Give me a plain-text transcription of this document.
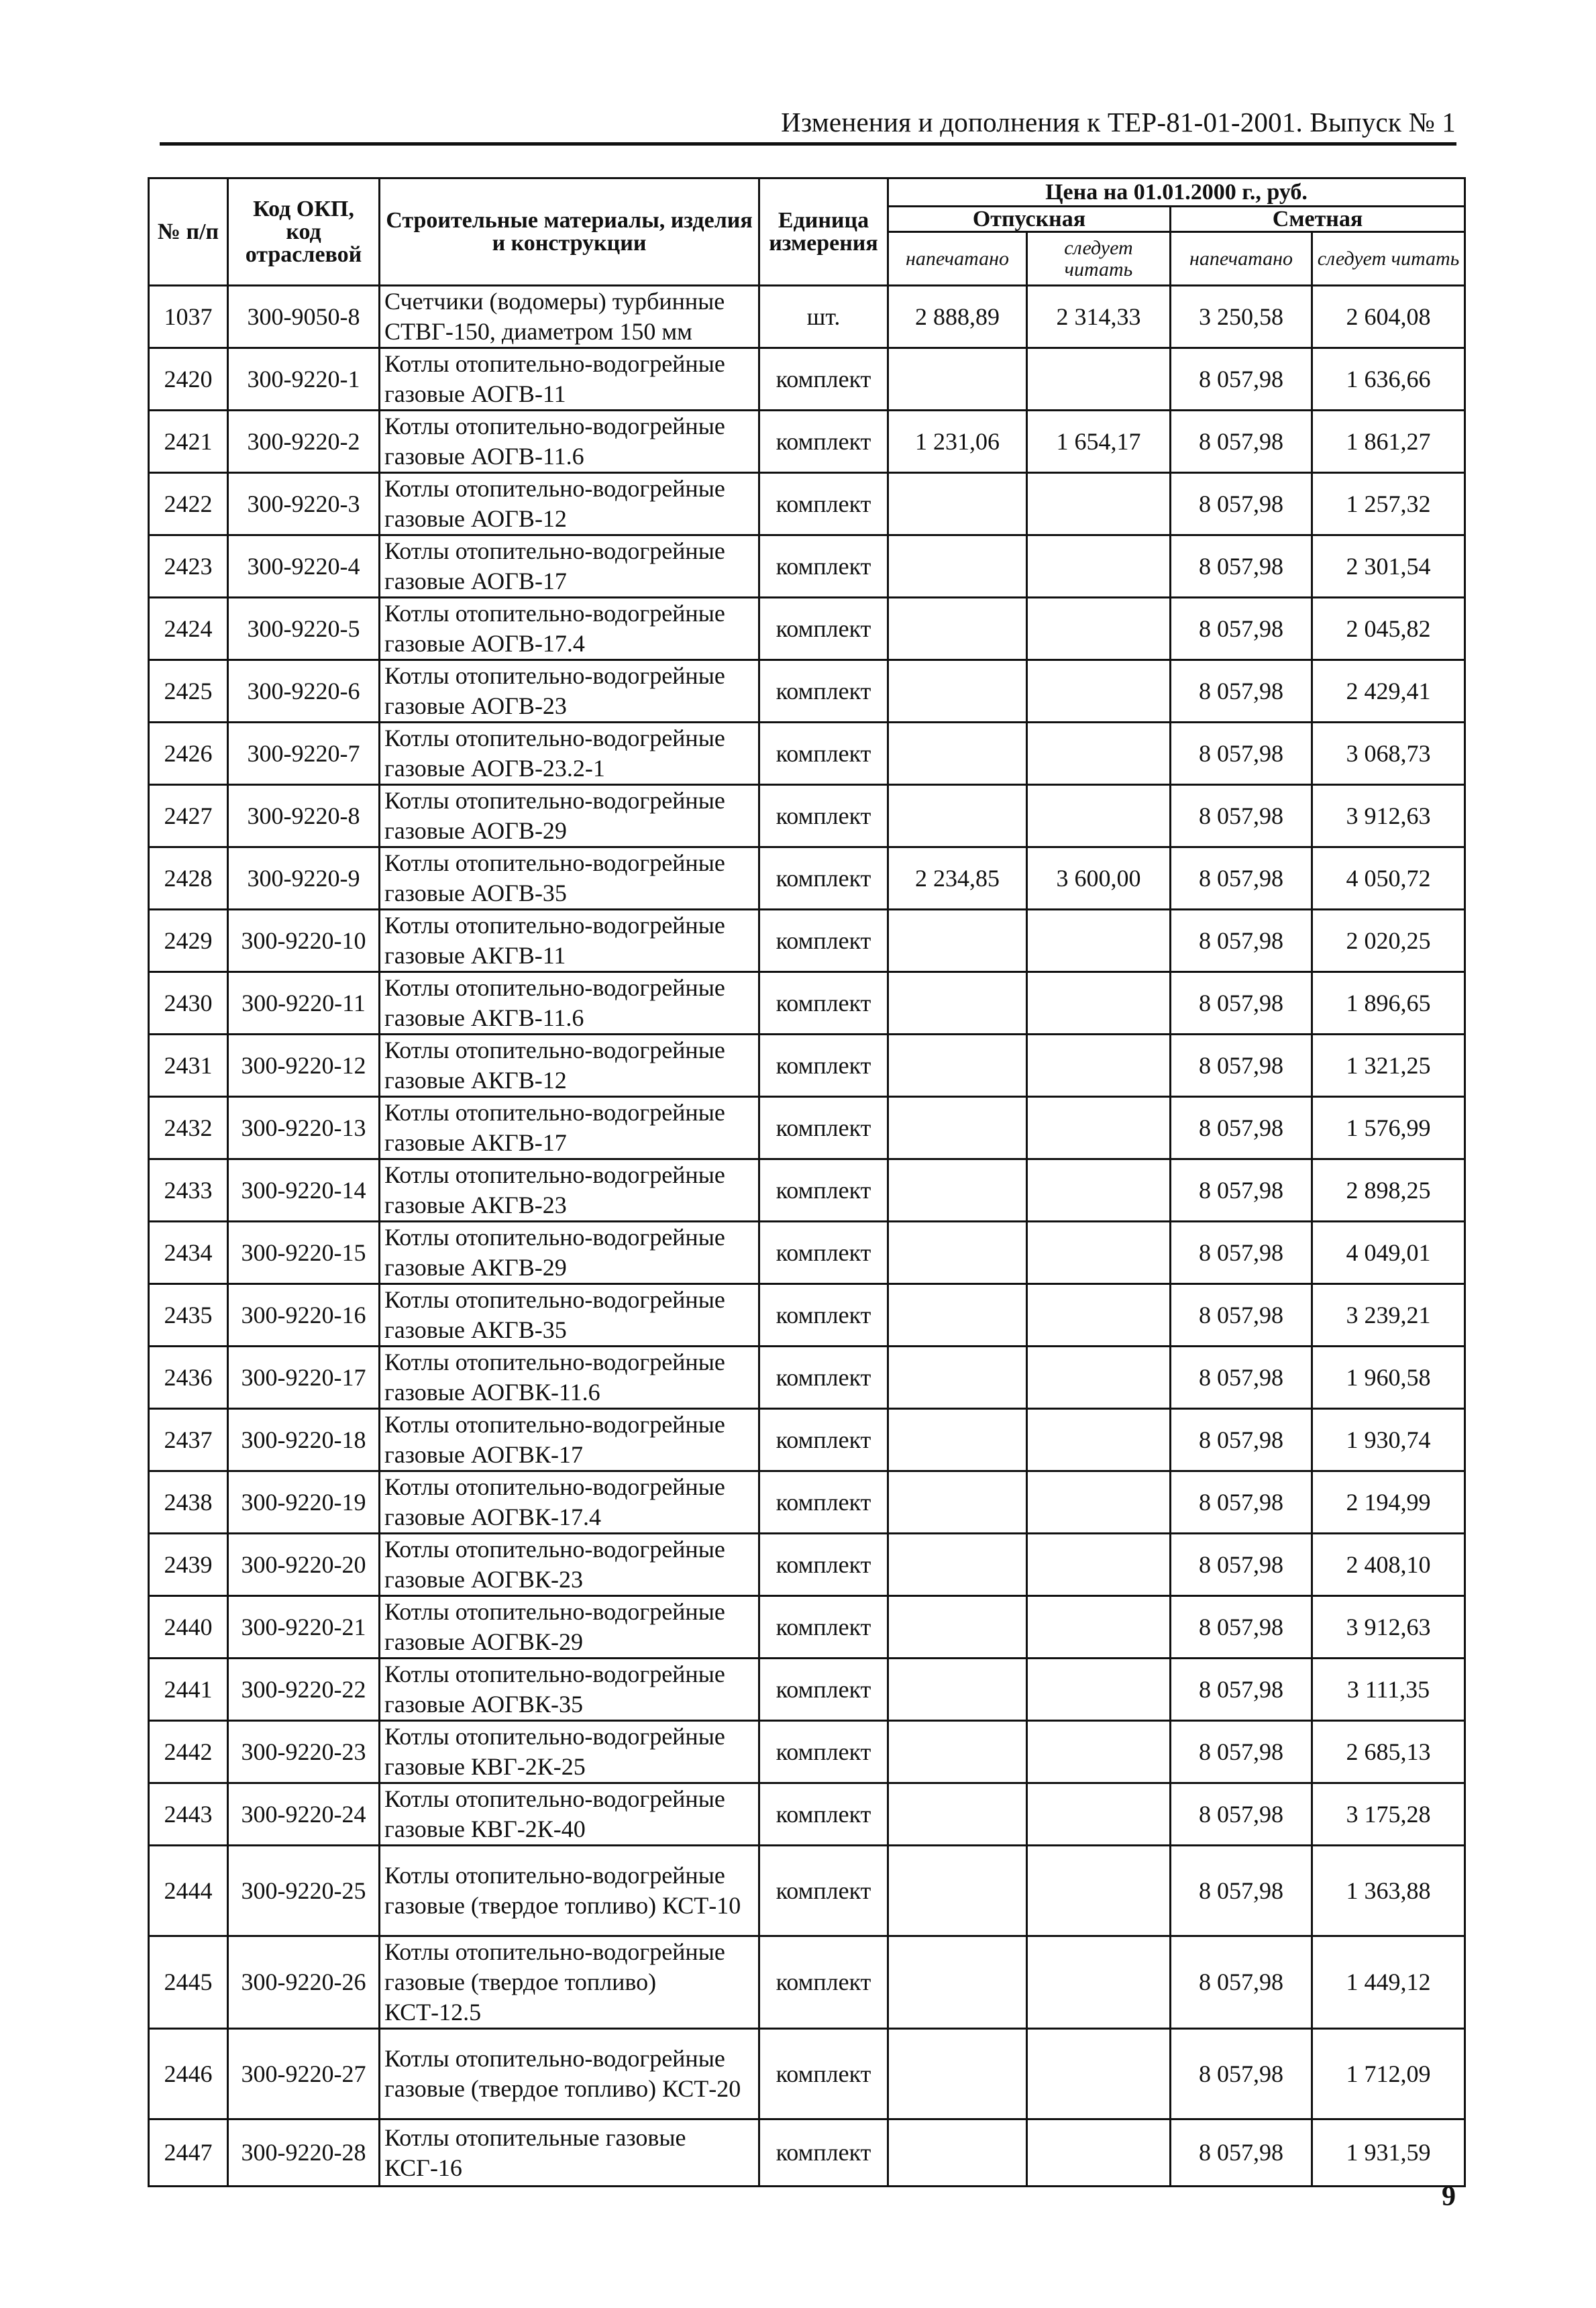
Изменения и дополнения к ТЕР-81-01-2001. Выпуск № 1
№ п/п	Код ОКП, код отраслевой	Строительные материалы, изделия и конструкции	Единица измерения	Цена на 01.01.2000 г., руб.			
				Отпускная		Сметная	
				напечатано	следует читать	напечатано	следует читать
1037	300-9050-8	Счетчики (водомеры) турбинные СТВГ-150, диаметром 150 мм	шт.	2 888,89	2 314,33	3 250,58	2 604,08
2420	300-9220-1	Котлы отопительно-водогрейные газовые АОГВ-11	комплект			8 057,98	1 636,66
2421	300-9220-2	Котлы отопительно-водогрейные газовые АОГВ-11.6	комплект	1 231,06	1 654,17	8 057,98	1 861,27
2422	300-9220-3	Котлы отопительно-водогрейные газовые АОГВ-12	комплект			8 057,98	1 257,32
2423	300-9220-4	Котлы отопительно-водогрейные газовые АОГВ-17	комплект			8 057,98	2 301,54
2424	300-9220-5	Котлы отопительно-водогрейные газовые АОГВ-17.4	комплект			8 057,98	2 045,82
2425	300-9220-6	Котлы отопительно-водогрейные газовые АОГВ-23	комплект			8 057,98	2 429,41
2426	300-9220-7	Котлы отопительно-водогрейные газовые АОГВ-23.2-1	комплект			8 057,98	3 068,73
2427	300-9220-8	Котлы отопительно-водогрейные газовые АОГВ-29	комплект			8 057,98	3 912,63
2428	300-9220-9	Котлы отопительно-водогрейные газовые АОГВ-35	комплект	2 234,85	3 600,00	8 057,98	4 050,72
2429	300-9220-10	Котлы отопительно-водогрейные газовые АКГВ-11	комплект			8 057,98	2 020,25
2430	300-9220-11	Котлы отопительно-водогрейные газовые АКГВ-11.6	комплект			8 057,98	1 896,65
2431	300-9220-12	Котлы отопительно-водогрейные газовые АКГВ-12	комплект			8 057,98	1 321,25
2432	300-9220-13	Котлы отопительно-водогрейные газовые АКГВ-17	комплект			8 057,98	1 576,99
2433	300-9220-14	Котлы отопительно-водогрейные газовые АКГВ-23	комплект			8 057,98	2 898,25
2434	300-9220-15	Котлы отопительно-водогрейные газовые АКГВ-29	комплект			8 057,98	4 049,01
2435	300-9220-16	Котлы отопительно-водогрейные газовые АКГВ-35	комплект			8 057,98	3 239,21
2436	300-9220-17	Котлы отопительно-водогрейные газовые АОГВК-11.6	комплект			8 057,98	1 960,58
2437	300-9220-18	Котлы отопительно-водогрейные газовые АОГВК-17	комплект			8 057,98	1 930,74
2438	300-9220-19	Котлы отопительно-водогрейные газовые АОГВК-17.4	комплект			8 057,98	2 194,99
2439	300-9220-20	Котлы отопительно-водогрейные газовые АОГВК-23	комплект			8 057,98	2 408,10
2440	300-9220-21	Котлы отопительно-водогрейные газовые АОГВК-29	комплект			8 057,98	3 912,63
2441	300-9220-22	Котлы отопительно-водогрейные газовые АОГВК-35	комплект			8 057,98	3 111,35
2442	300-9220-23	Котлы отопительно-водогрейные газовые КВГ-2К-25	комплект			8 057,98	2 685,13
2443	300-9220-24	Котлы отопительно-водогрейные газовые КВГ-2К-40	комплект			8 057,98	3 175,28
2444	300-9220-25	Котлы отопительно-водогрейные газовые (твердое топливо) КСТ-10	комплект			8 057,98	1 363,88
2445	300-9220-26	Котлы отопительно-водогрейные газовые (твердое топливо) КСТ-12.5	комплект			8 057,98	1 449,12
2446	300-9220-27	Котлы отопительно-водогрейные газовые (твердое топливо) КСТ-20	комплект			8 057,98	1 712,09
2447	300-9220-28	Котлы отопительные газовые КСГ-16	комплект			8 057,98	1 931,59
9
